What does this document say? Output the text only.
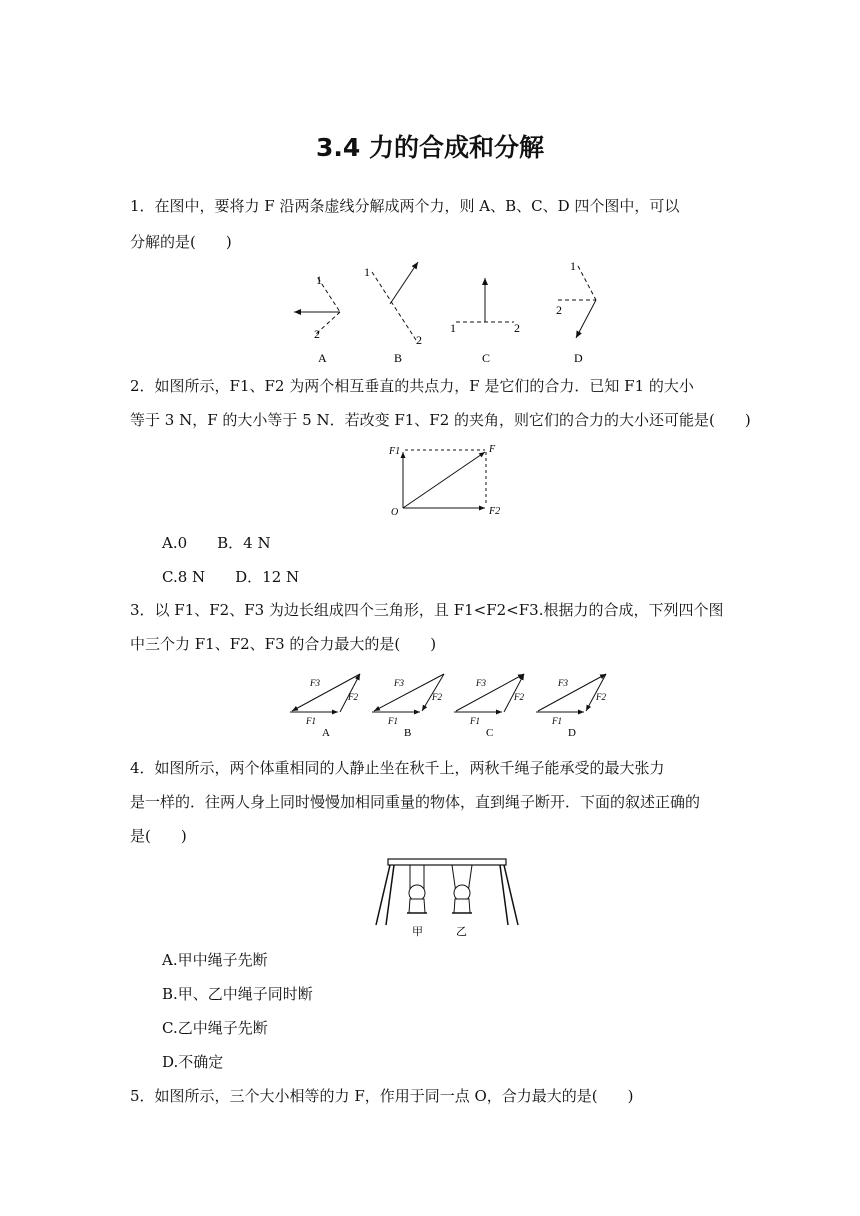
3.4 力的合成和分解
1．在图中，要将力 F 沿两条虚线分解成两个力，则 A、B、C、D 四个图中，可以
分解的是(　　)
1
2
A
1
2
B
1	2
C
1
2
D
2．如图所示，F1、F2 为两个相互垂直的共点力，F 是它们的合力．已知 F1 的大小
等于 3 N，F 的大小等于 5 N．若改变 F1、F2 的夹角，则它们的合力的大小还可能是(　　)
F1	F
O	F2
A.0　　B．4 N
C.8 N　　D．12 N
3．以 F1、F2、F3 为边长组成四个三角形，且 F1<F2<F3.根据力的合成，下列四个图
中三个力 F1、F2、F3 的合力最大的是(　　)
F3
F2
F1
A
F3
F2
F1
B
F3
F2
F1
C
F3
F2
F1
D
4．如图所示，两个体重相同的人静止坐在秋千上，两秋千绳子能承受的最大张力
是一样的．往两人身上同时慢慢加相同重量的物体，直到绳子断开．下面的叙述正确的
是(　　)
甲	乙
A.甲中绳子先断
B.甲、乙中绳子同时断
C.乙中绳子先断
D.不确定
5．如图所示，三个大小相等的力 F，作用于同一点 O，合力最大的是(　　)
